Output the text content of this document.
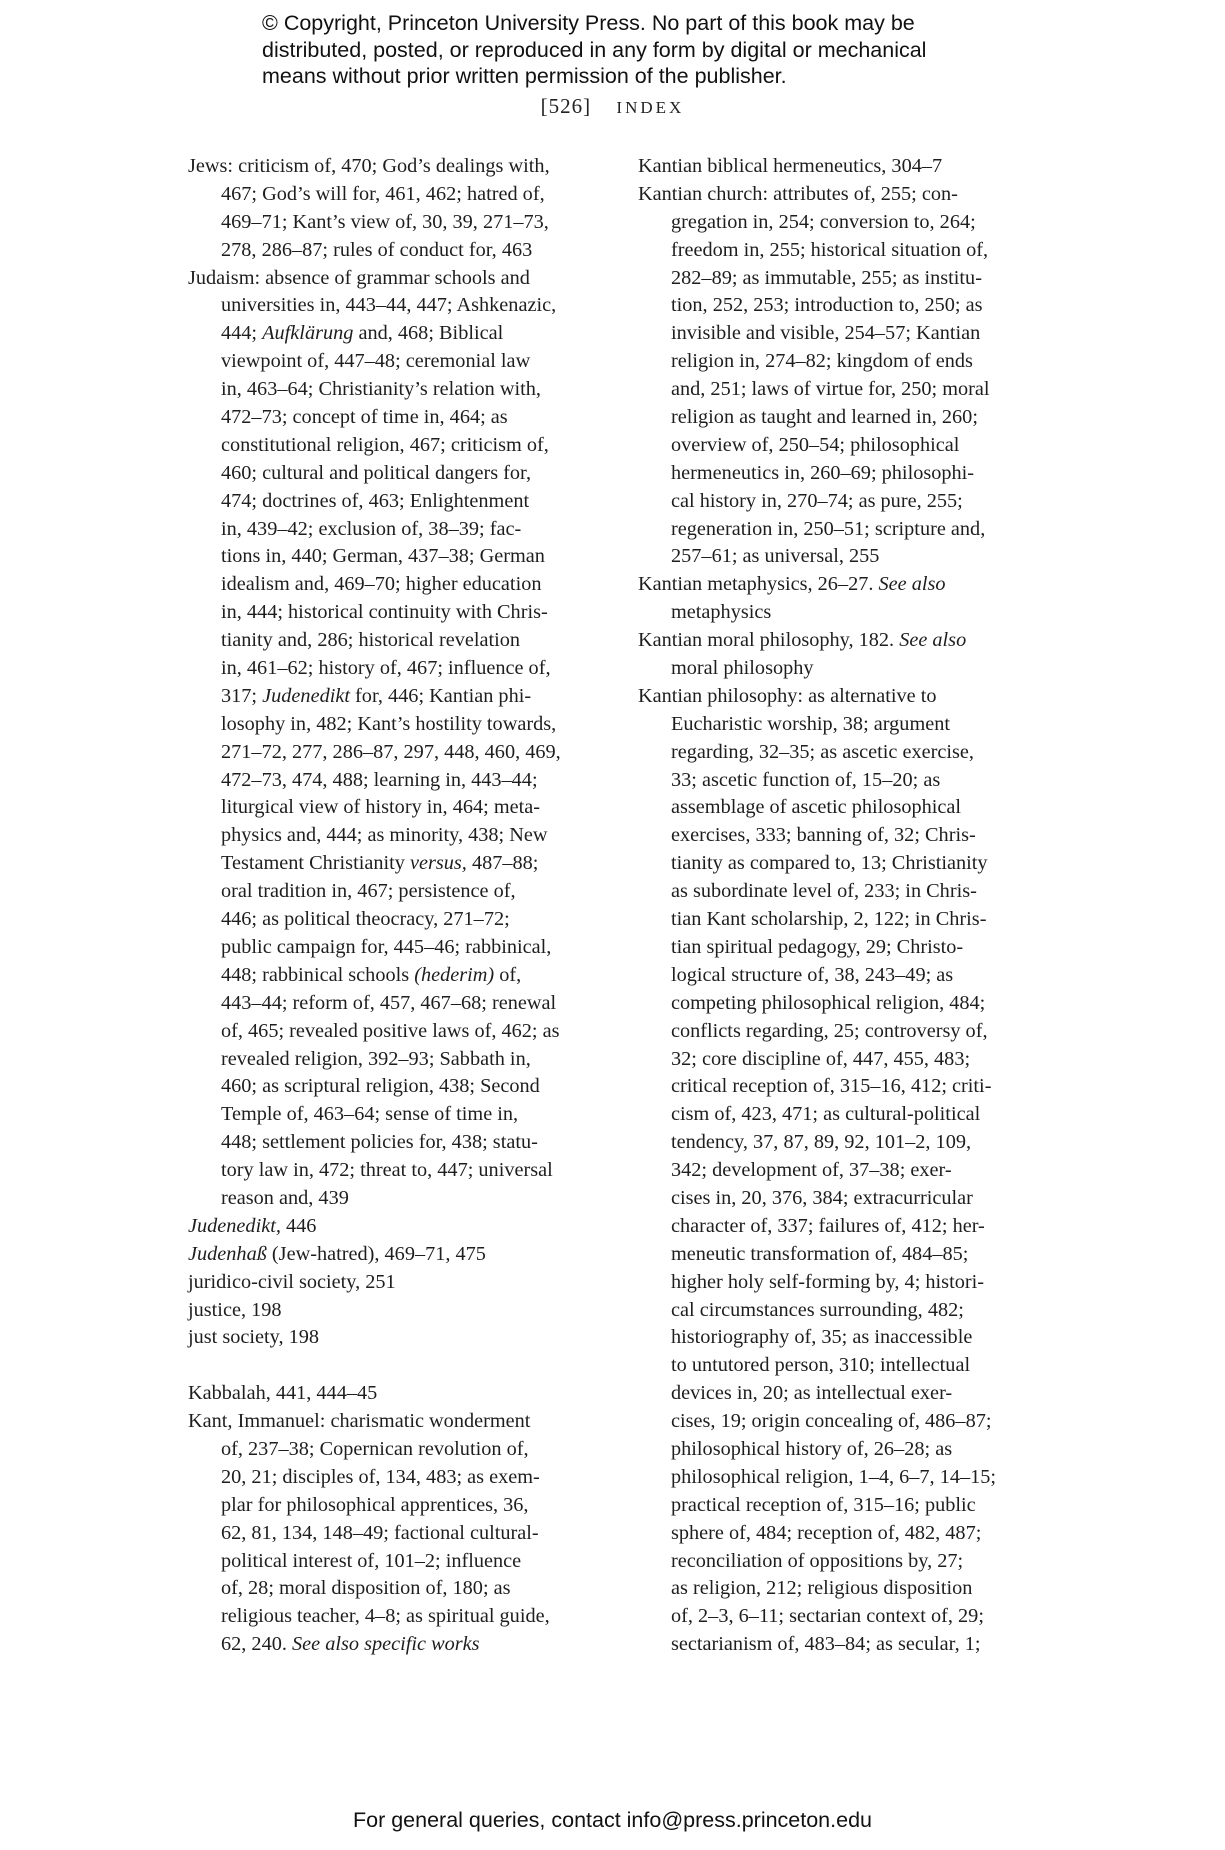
© Copyright, Princeton University Press. No part of this book may be
distributed, posted, or reproduced in any form by digital or mechanical
means without prior written permission of the publisher.
[526] INDEX
Jews: criticism of, 470; God’s dealings with,
467; God’s will for, 461, 462; hatred of,
469–71; Kant’s view of, 30, 39, 271–73,
278, 286–87; rules of conduct for, 463
Judaism: absence of grammar schools and
universities in, 443–44, 447; Ashkenazic,
444; Aufklärung and, 468; Biblical
viewpoint of, 447–48; ceremonial law
in, 463–64; Christianity’s relation with,
472–73; concept of time in, 464; as
constitutional religion, 467; criticism of,
460; cultural and political dangers for,
474; doctrines of, 463; Enlightenment
in, 439–42; exclusion of, 38–39; fac-
tions in, 440; German, 437–38; German
idealism and, 469–70; higher education
in, 444; historical continuity with Chris-
tianity and, 286; historical revelation
in, 461–62; history of, 467; influence of,
317; Judenedikt for, 446; Kantian phi-
losophy in, 482; Kant’s hostility towards,
271–72, 277, 286–87, 297, 448, 460, 469,
472–73, 474, 488; learning in, 443–44;
liturgical view of history in, 464; meta-
physics and, 444; as minority, 438; New
Testament Christianity versus, 487–88;
oral tradition in, 467; persistence of,
446; as political theocracy, 271–72;
public campaign for, 445–46; rabbinical,
448; rabbinical schools (hederim) of,
443–44; reform of, 457, 467–68; renewal
of, 465; revealed positive laws of, 462; as
revealed religion, 392–93; Sabbath in,
460; as scriptural religion, 438; Second
Temple of, 463–64; sense of time in,
448; settlement policies for, 438; statu-
tory law in, 472; threat to, 447; universal
reason and, 439
Judenedikt, 446
Judenhaß (Jew-hatred), 469–71, 475
juridico-civil society, 251
justice, 198
just society, 198
Kabbalah, 441, 444–45
Kant, Immanuel: charismatic wonderment
of, 237–38; Copernican revolution of,
20, 21; disciples of, 134, 483; as exem-
plar for philosophical apprentices, 36,
62, 81, 134, 148–49; factional cultural-
political interest of, 101–2; influence
of, 28; moral disposition of, 180; as
religious teacher, 4–8; as spiritual guide,
62, 240. See also specific works
Kantian biblical hermeneutics, 304–7
Kantian church: attributes of, 255; con-
gregation in, 254; conversion to, 264;
freedom in, 255; historical situation of,
282–89; as immutable, 255; as institu-
tion, 252, 253; introduction to, 250; as
invisible and visible, 254–57; Kantian
religion in, 274–82; kingdom of ends
and, 251; laws of virtue for, 250; moral
religion as taught and learned in, 260;
overview of, 250–54; philosophical
hermeneutics in, 260–69; philosophi-
cal history in, 270–74; as pure, 255;
regeneration in, 250–51; scripture and,
257–61; as universal, 255
Kantian metaphysics, 26–27. See also
metaphysics
Kantian moral philosophy, 182. See also
moral philosophy
Kantian philosophy: as alternative to
Eucharistic worship, 38; argument
regarding, 32–35; as ascetic exercise,
33; ascetic function of, 15–20; as
assemblage of ascetic philosophical
exercises, 333; banning of, 32; Chris-
tianity as compared to, 13; Christianity
as subordinate level of, 233; in Chris-
tian Kant scholarship, 2, 122; in Chris-
tian spiritual pedagogy, 29; Christo-
logical structure of, 38, 243–49; as
competing philosophical religion, 484;
conflicts regarding, 25; controversy of,
32; core discipline of, 447, 455, 483;
critical reception of, 315–16, 412; criti-
cism of, 423, 471; as cultural-political
tendency, 37, 87, 89, 92, 101–2, 109,
342; development of, 37–38; exer-
cises in, 20, 376, 384; extracurricular
character of, 337; failures of, 412; her-
meneutic transformation of, 484–85;
higher holy self-forming by, 4; histori-
cal circumstances surrounding, 482;
historiography of, 35; as inaccessible
to untutored person, 310; intellectual
devices in, 20; as intellectual exer-
cises, 19; origin concealing of, 486–87;
philosophical history of, 26–28; as
philosophical religion, 1–4, 6–7, 14–15;
practical reception of, 315–16; public
sphere of, 484; reception of, 482, 487;
reconciliation of oppositions by, 27;
as religion, 212; religious disposition
of, 2–3, 6–11; sectarian context of, 29;
sectarianism of, 483–84; as secular, 1;
For general queries, contact info@press.princeton.edu
